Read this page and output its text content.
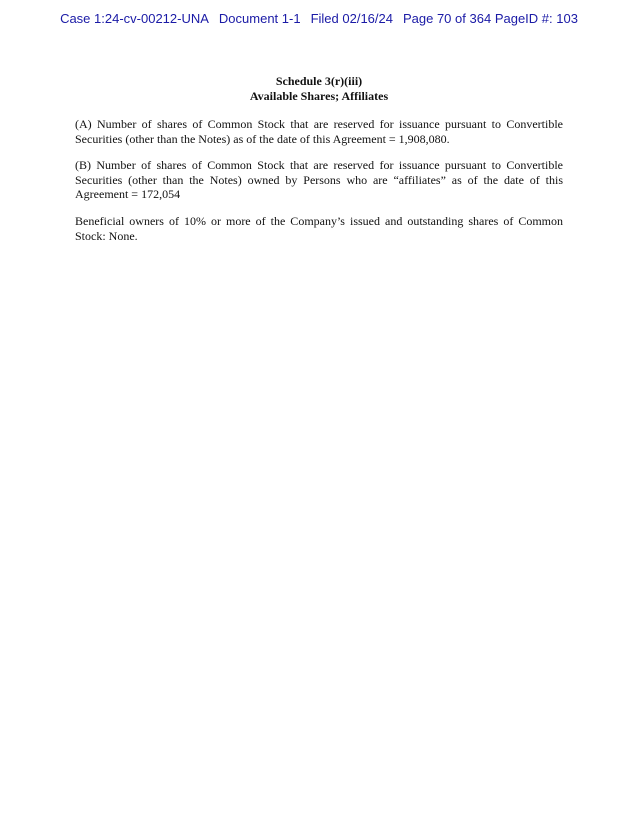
Case 1:24-cv-00212-UNA Document 1-1 Filed 02/16/24 Page 70 of 364 PageID #: 103
Schedule 3(r)(iii)
Available Shares; Affiliates

(A) Number of shares of Common Stock that are reserved for issuance pursuant to Convertible Securities (other than the Notes) as of the date of this Agreement = 1,908,080.

(B) Number of shares of Common Stock that are reserved for issuance pursuant to Convertible Securities (other than the Notes) owned by Persons who are “affiliates” as of the date of this Agreement = 172,054

Beneficial owners of 10% or more of the Company’s issued and outstanding shares of Common Stock: None.
